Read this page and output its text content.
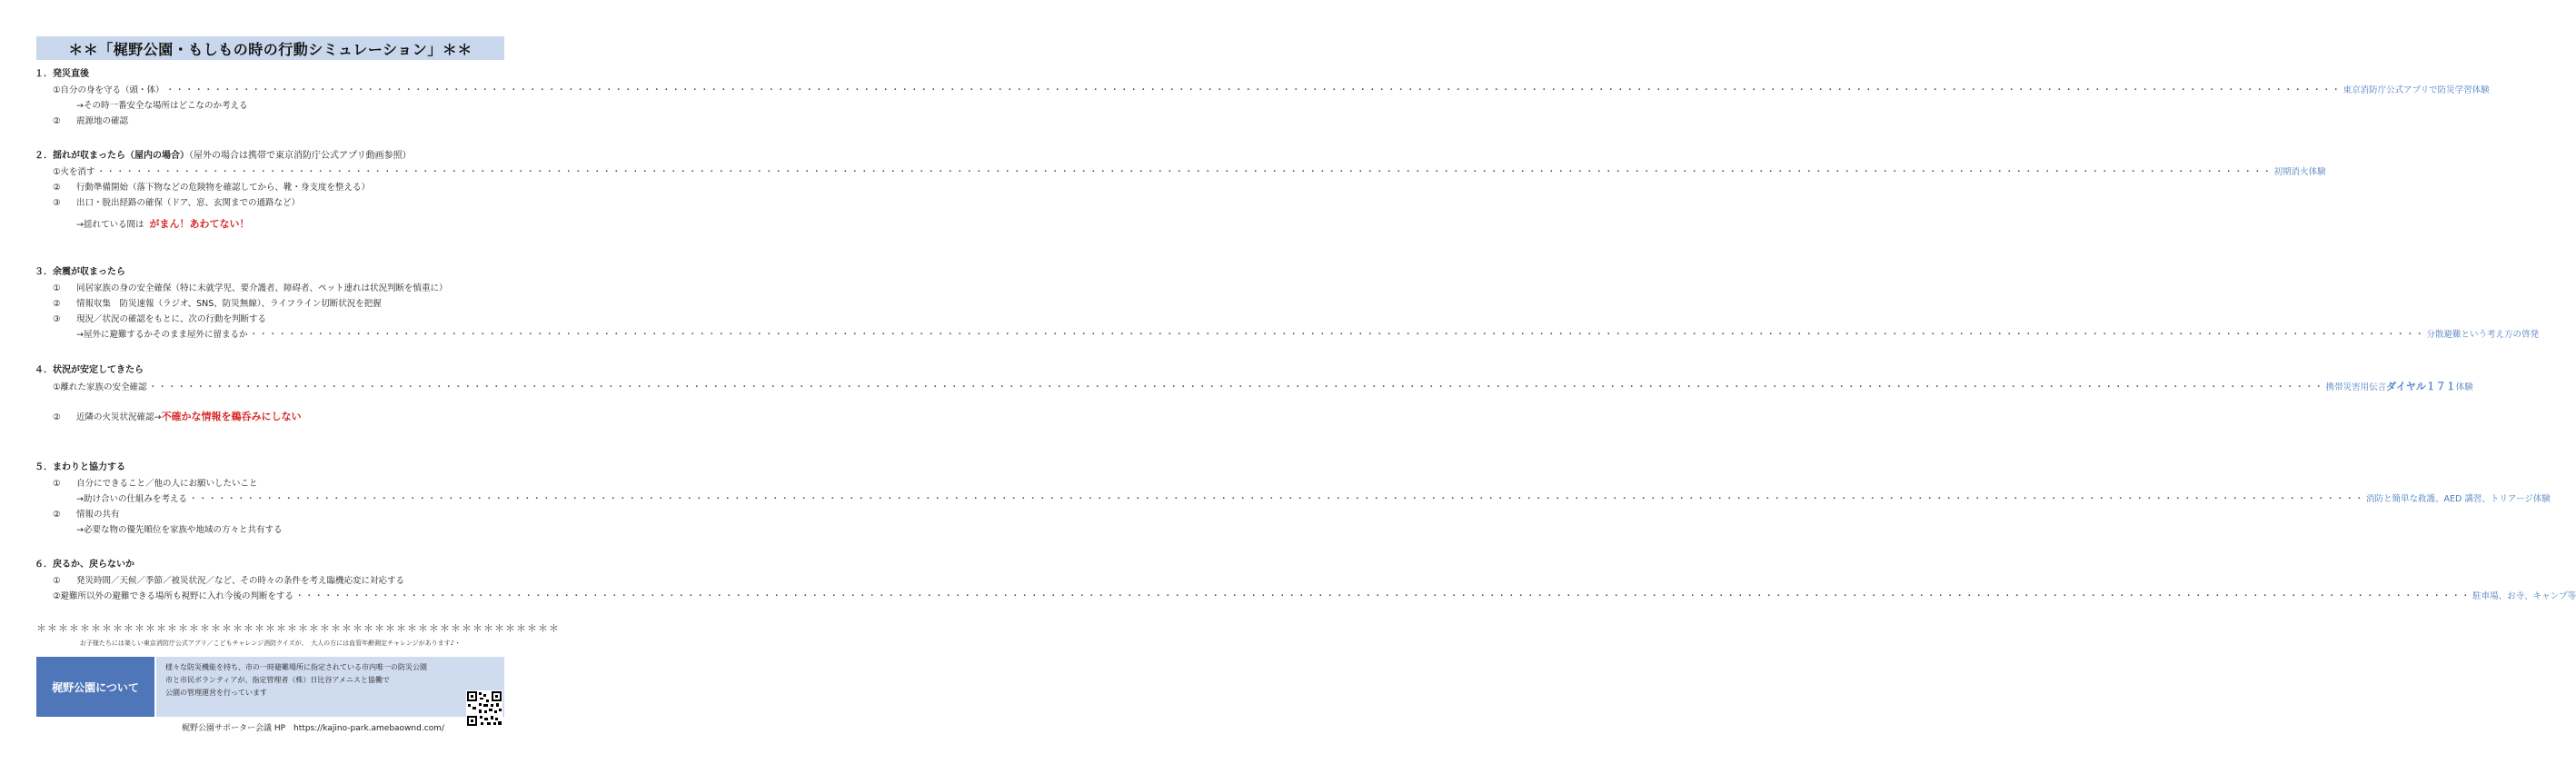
＊＊「梶野公園・もしもの時の行動シミュレーション」＊＊
１．発災直後
① 自分の身を守る（頭・体） ・・・・・・・・・・・・・・・・・・・・・・・・・・・・・・・・・・・・・・・・・・・・・・・・・・・・・・・・・・・・・・・・・・・・・・・・・・・・・・・・・・・・・・・・・・・・・・・・・・・・・・・・・・・・・・・・・・・・・・・・・・・・・・・・・・・・・・・・・・・・・・・・・・・・・・・・・・・・・・・・・・・・・・・・・・・・・・・・・・・・・・・・・・・・・・・・・・・・・・・・・・・・・・・・・・・・・・・・・・・・・・・・・・・・ 東京消防庁公式アプリで防災学習体験
→その時一番安全な場所はどこなのか考える
②	震源地の確認
２．揺れが収まったら（屋内の場合）（屋外の場合は携帯で東京消防庁公式アプリ動画参照）
① 火を消す ・・・・・・・・・・・・・・・・・・・・・・・・・・・・・・・・・・・・・・・・・・・・・・・・・・・・・・・・・・・・・・・・・・・・・・・・・・・・・・・・・・・・・・・・・・・・・・・・・・・・・・・・・・・・・・・・・・・・・・・・・・・・・・・・・・・・・・・・・・・・・・・・・・・・・・・・・・・・・・・・・・・・・・・・・・・・・・・・・・・・・・・・・・・・・・・・・・・・・・・・・・・・・・・・・・・・・・・・・・・・・・・・・・・・ 初期消火体験
②	行動準備開始（落下物などの危険物を確認してから、靴・身支度を整える）
③	出口・脱出経路の確保（ドア、窓、玄関までの通路など）
→揺れている間は がまん！あわてない！
３．余震が収まったら
①	同居家族の身の安全確保（特に未就学児、要介護者、障碍者、ペット連れは状況判断を慎重に）
②	情報収集　防災速報（ラジオ、SNS、防災無線）、ライフライン切断状況を把握
③	現況／状況の確認をもとに、次の行動を判断する
→屋外に避難するかそのまま屋外に留まるか ・・・・・・・・・・・・・・・・・・・・・・・・・・・・・・・・・・・・・・・・・・・・・・・・・・・・・・・・・・・・・・・・・・・・・・・・・・・・・・・・・・・・・・・・・・・・・・・・・・・・・・・・・・・・・・・・・・・・・・・・・・・・・・・・・・・・・・・・・・・・・・・・・・・・・・・・・・・・・・・・・・・・・・・・・・・・・・・・・・・・・・・・・・・・・・・・・・・・・・・・・・・・・・・・・・・・・・・・・・・・・・・・・・・・ 分散避難という考え方の啓発
４．状況が安定してきたら
① 離れた家族の安全確認 ・・・・・・・・・・・・・・・・・・・・・・・・・・・・・・・・・・・・・・・・・・・・・・・・・・・・・・・・・・・・・・・・・・・・・・・・・・・・・・・・・・・・・・・・・・・・・・・・・・・・・・・・・・・・・・・・・・・・・・・・・・・・・・・・・・・・・・・・・・・・・・・・・・・・・・・・・・・・・・・・・・・・・・・・・・・・・・・・・・・・・・・・・・・・・・・・・・・・・・・・・・・・・・・・・・・・・・・・・・・・・・・・・・・・ 携帯災害用伝言ダイヤル１７１体験
②	近隣の火災状況確認→ 不確かな情報を鵜呑みにしない
５．まわりと協力する
①	自分にできること／他の人にお願いしたいこと
→助け合いの仕組みを考える ・・・・・・・・・・・・・・・・・・・・・・・・・・・・・・・・・・・・・・・・・・・・・・・・・・・・・・・・・・・・・・・・・・・・・・・・・・・・・・・・・・・・・・・・・・・・・・・・・・・・・・・・・・・・・・・・・・・・・・・・・・・・・・・・・・・・・・・・・・・・・・・・・・・・・・・・・・・・・・・・・・・・・・・・・・・・・・・・・・・・・・・・・・・・・・・・・・・・・・・・・・・・・・・・・・・・・・・・・・・・・・・・・・・・ 消防と簡単な救護、AED 講習、トリアージ体験
②	情報の共有
→必要な物の優先順位を家族や地域の方々と共有する
６．戻るか、戻らないか
①	発災時間／天候／季節／被災状況／など、その時々の条件を考え臨機応変に対応する
② 避難所以外の避難できる場所も視野に入れ今後の判断をする ・・・・・・・・・・・・・・・・・・・・・・・・・・・・・・・・・・・・・・・・・・・・・・・・・・・・・・・・・・・・・・・・・・・・・・・・・・・・・・・・・・・・・・・・・・・・・・・・・・・・・・・・・・・・・・・・・・・・・・・・・・・・・・・・・・・・・・・・・・・・・・・・・・・・・・・・・・・・・・・・・・・・・・・・・・・・・・・・・・・・・・・・・・・・・・・・・・・・・・・・・・・・・・・・・・・・・・・・・・・・・・・・・・・・ 駐車場、お寺、キャンプ等
＊＊＊＊＊＊＊＊＊＊＊＊＊＊＊＊＊＊＊＊＊＊＊＊＊＊＊＊＊＊＊＊＊＊＊＊＊＊＊＊＊＊＊＊＊＊＊＊
お子様たちには楽しい東京消防庁公式アプリ／こどもチャレンジ消防クイズが、　大人の方には血管年齢測定チャレンジがあります♪・
梶野公園について
様々な防災機能を持ち、市の一時避難場所に指定されている市内唯一の防災公園
市と市民ボランティアが、指定管理者（株）日比谷アメニスと協働で
公園の管理運営を行っています
梶野公園サポーター会議 HP　https://kajino-park.amebaownd.com/
